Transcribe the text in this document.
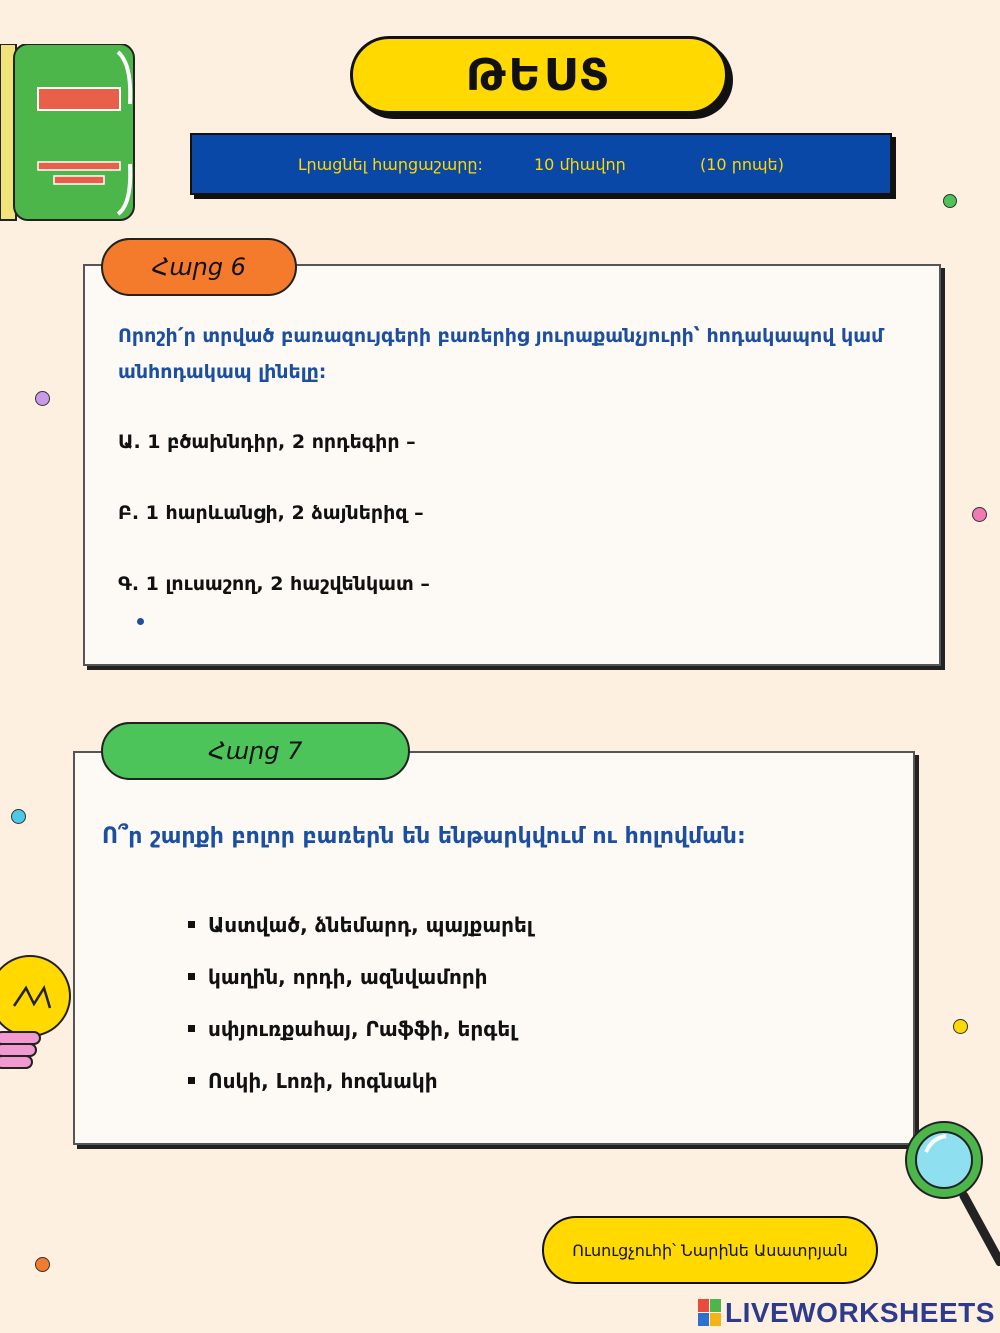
ԹԵՍՏ
Լրացնել հարցաշարը:	10 միավոր	(10 րոպե)
Հարց 6
Որոշի՛ր տրված բառազույգերի բառերից յուրաքանչյուրի՝ հոդակապով կամ անհոդակապ լինելը:
Ա. 1 բծախնդիր, 2 որդեգիր –
Բ. 1 հարևանցի, 2 ձայներիզ –
Գ. 1 լուսաշող, 2 հաշվենկատ –
Հարց 7
Ո՞ր շարքի բոլոր բառերն են ենթարկվում ու հոլովման:
Աստված, ձնեմարդ, պայքարել
կաղին, որդի, ազնվամորի
սփյուռքահայ, Րաֆֆի, երգել
Ոսկի, Լոռի, հոգնակի
Ուսուցչուհի՝ Նարինե Ասատրյան
LIVEWORKSHEETS
